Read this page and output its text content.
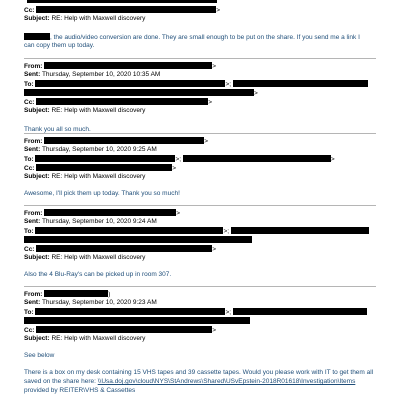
Cc:	>
Subject: RE: Help with Maxwell discovery
, the audio/video conversion are done. They are small enough to be put on the share. If you send me a link I
can copy them up today.
From:	>
Sent: Thursday, September 10, 2020 10:35 AM
To:	>;
>
Cc:	>
Subject: RE: Help with Maxwell discovery
Thank you all so much.
From:	>
Sent: Thursday, September 10, 2020 9:25 AM
To:	>;	>
Cc:	>
Subject: RE: Help with Maxwell discovery
Awesome, I'll pick them up today. Thank you so much!
From:	>
Sent: Thursday, September 10, 2020 9:24 AM
To:	>;
Cc:	>
Subject: RE: Help with Maxwell discovery
Also the 4 Blu-Ray's can be picked up in room 307.
From:	)
Sent: Thursday, September 10, 2020 9:23 AM
To:	>;
Cc:	>
Subject: RE: Help with Maxwell discovery
See below
There is a box on my desk containing 15 VHS tapes and 39 cassette tapes. Would you please work with IT to get them all
saved on the share here: \\Usa.doj.gov\cloud\NYS\StAndrews\Shared\USvEpstein-2018R01618\Investigation\Items
provided by REITER\VHS & Cassettes
